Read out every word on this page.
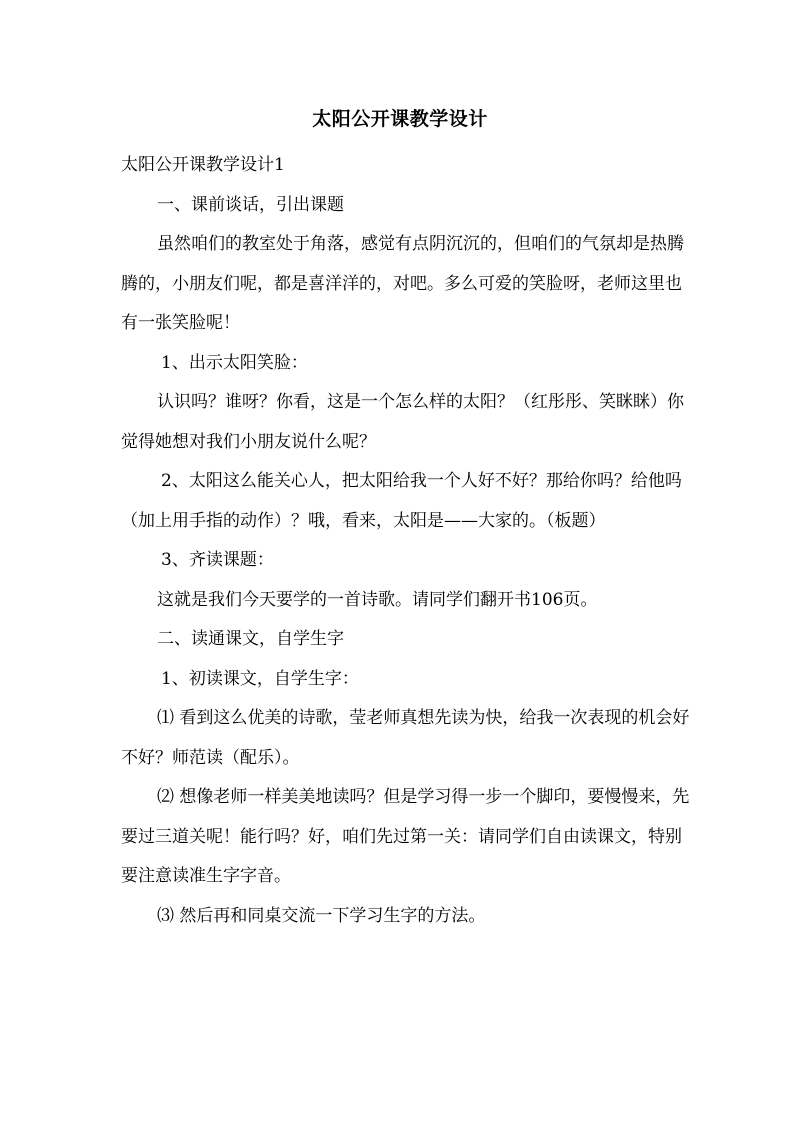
太阳公开课教学设计

太阳公开课教学设计1

一、课前谈话，引出课题

虽然咱们的教室处于角落，感觉有点阴沉沉的，但咱们的气氛却是热腾腾的，小朋友们呢，都是喜洋洋的，对吧。多么可爱的笑脸呀，老师这里也有一张笑脸呢！

1、出示太阳笑脸：

认识吗？谁呀？你看，这是一个怎么样的太阳？（红彤彤、笑眯眯）你觉得她想对我们小朋友说什么呢？

2、太阳这么能关心人，把太阳给我一个人好不好？那给你吗？给他吗（加上用手指的动作）？哦，看来，太阳是——大家的。（板题）

3、齐读课题：

这就是我们今天要学的一首诗歌。请同学们翻开书106页。

二、读通课文，自学生字

1、初读课文，自学生字：

⑴ 看到这么优美的诗歌，莹老师真想先读为快，给我一次表现的机会好不好？师范读（配乐）。

⑵ 想像老师一样美美地读吗？但是学习得一步一个脚印，要慢慢来，先要过三道关呢！能行吗？好，咱们先过第一关：请同学们自由读课文，特别要注意读准生字字音。

⑶ 然后再和同桌交流一下学习生字的方法。
